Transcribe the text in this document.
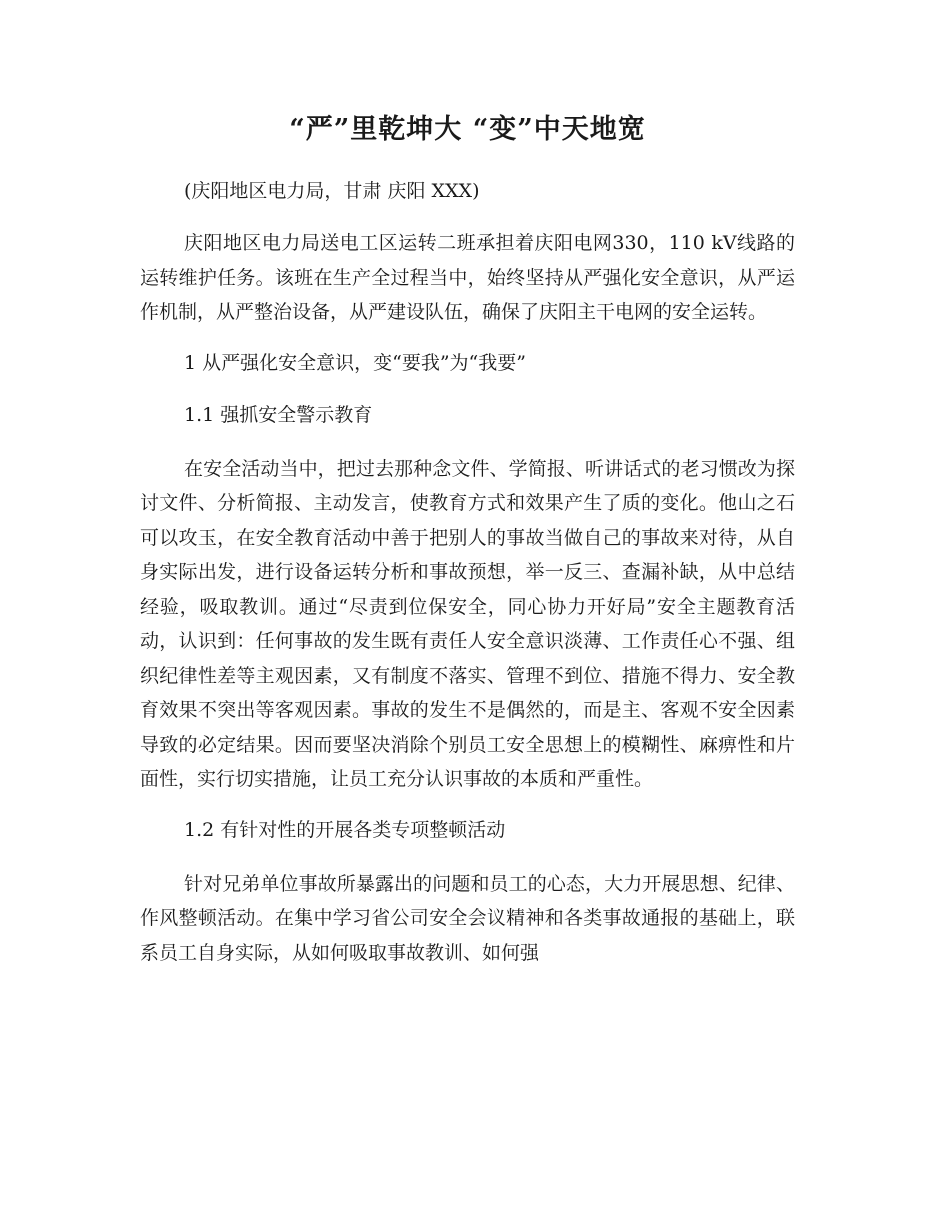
“严”里乾坤大 “变”中天地宽

(庆阳地区电力局，甘肃 庆阳 XXX)

庆阳地区电力局送电工区运转二班承担着庆阳电网330，110 kV线路的运转维护任务。该班在生产全过程当中，始终坚持从严强化安全意识，从严运作机制，从严整治设备，从严建设队伍，确保了庆阳主干电网的安全运转。

1 从严强化安全意识，变“要我”为“我要”

1.1 强抓安全警示教育

在安全活动当中，把过去那种念文件、学简报、听讲话式的老习惯改为探讨文件、分析简报、主动发言，使教育方式和效果产生了质的变化。他山之石可以攻玉，在安全教育活动中善于把别人的事故当做自己的事故来对待，从自身实际出发，进行设备运转分析和事故预想，举一反三、查漏补缺，从中总结经验，吸取教训。通过“尽责到位保安全，同心协力开好局”安全主题教育活动，认识到：任何事故的发生既有责任人安全意识淡薄、工作责任心不强、组织纪律性差等主观因素，又有制度不落实、管理不到位、措施不得力、安全教育效果不突出等客观因素。事故的发生不是偶然的，而是主、客观不安全因素导致的必定结果。因而要坚决消除个别员工安全思想上的模糊性、麻痹性和片面性，实行切实措施，让员工充分认识事故的本质和严重性。

1.2 有针对性的开展各类专项整顿活动

针对兄弟单位事故所暴露出的问题和员工的心态，大力开展思想、纪律、作风整顿活动。在集中学习省公司安全会议精神和各类事故通报的基础上，联系员工自身实际，从如何吸取事故教训、如何强
